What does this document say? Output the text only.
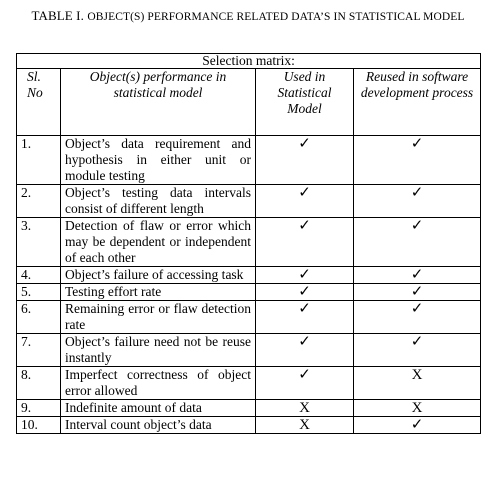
TABLE I. OBJECT(S) PERFORMANCE RELATED DATA’S IN STATISTICAL MODEL
Selection matrix:			
Sl. No	Object(s) performance in statistical model	Used in Statistical Model	Reused in software development process
1.	Object’s data requirement and hypothesis in either unit or module testing	✓	✓
2.	Object’s testing data intervals consist of different length	✓	✓
3.	Detection of flaw or error which may be dependent or independent of each other	✓	✓
4.	Object’s failure of accessing task	✓	✓
5.	Testing effort rate	✓	✓
6.	Remaining error or flaw detection rate	✓	✓
7.	Object’s failure need not be reuse instantly	✓	✓
8.	Imperfect correctness of object error allowed	✓	X
9.	Indefinite amount of data	X	X
10.	Interval count object’s data	X	✓
